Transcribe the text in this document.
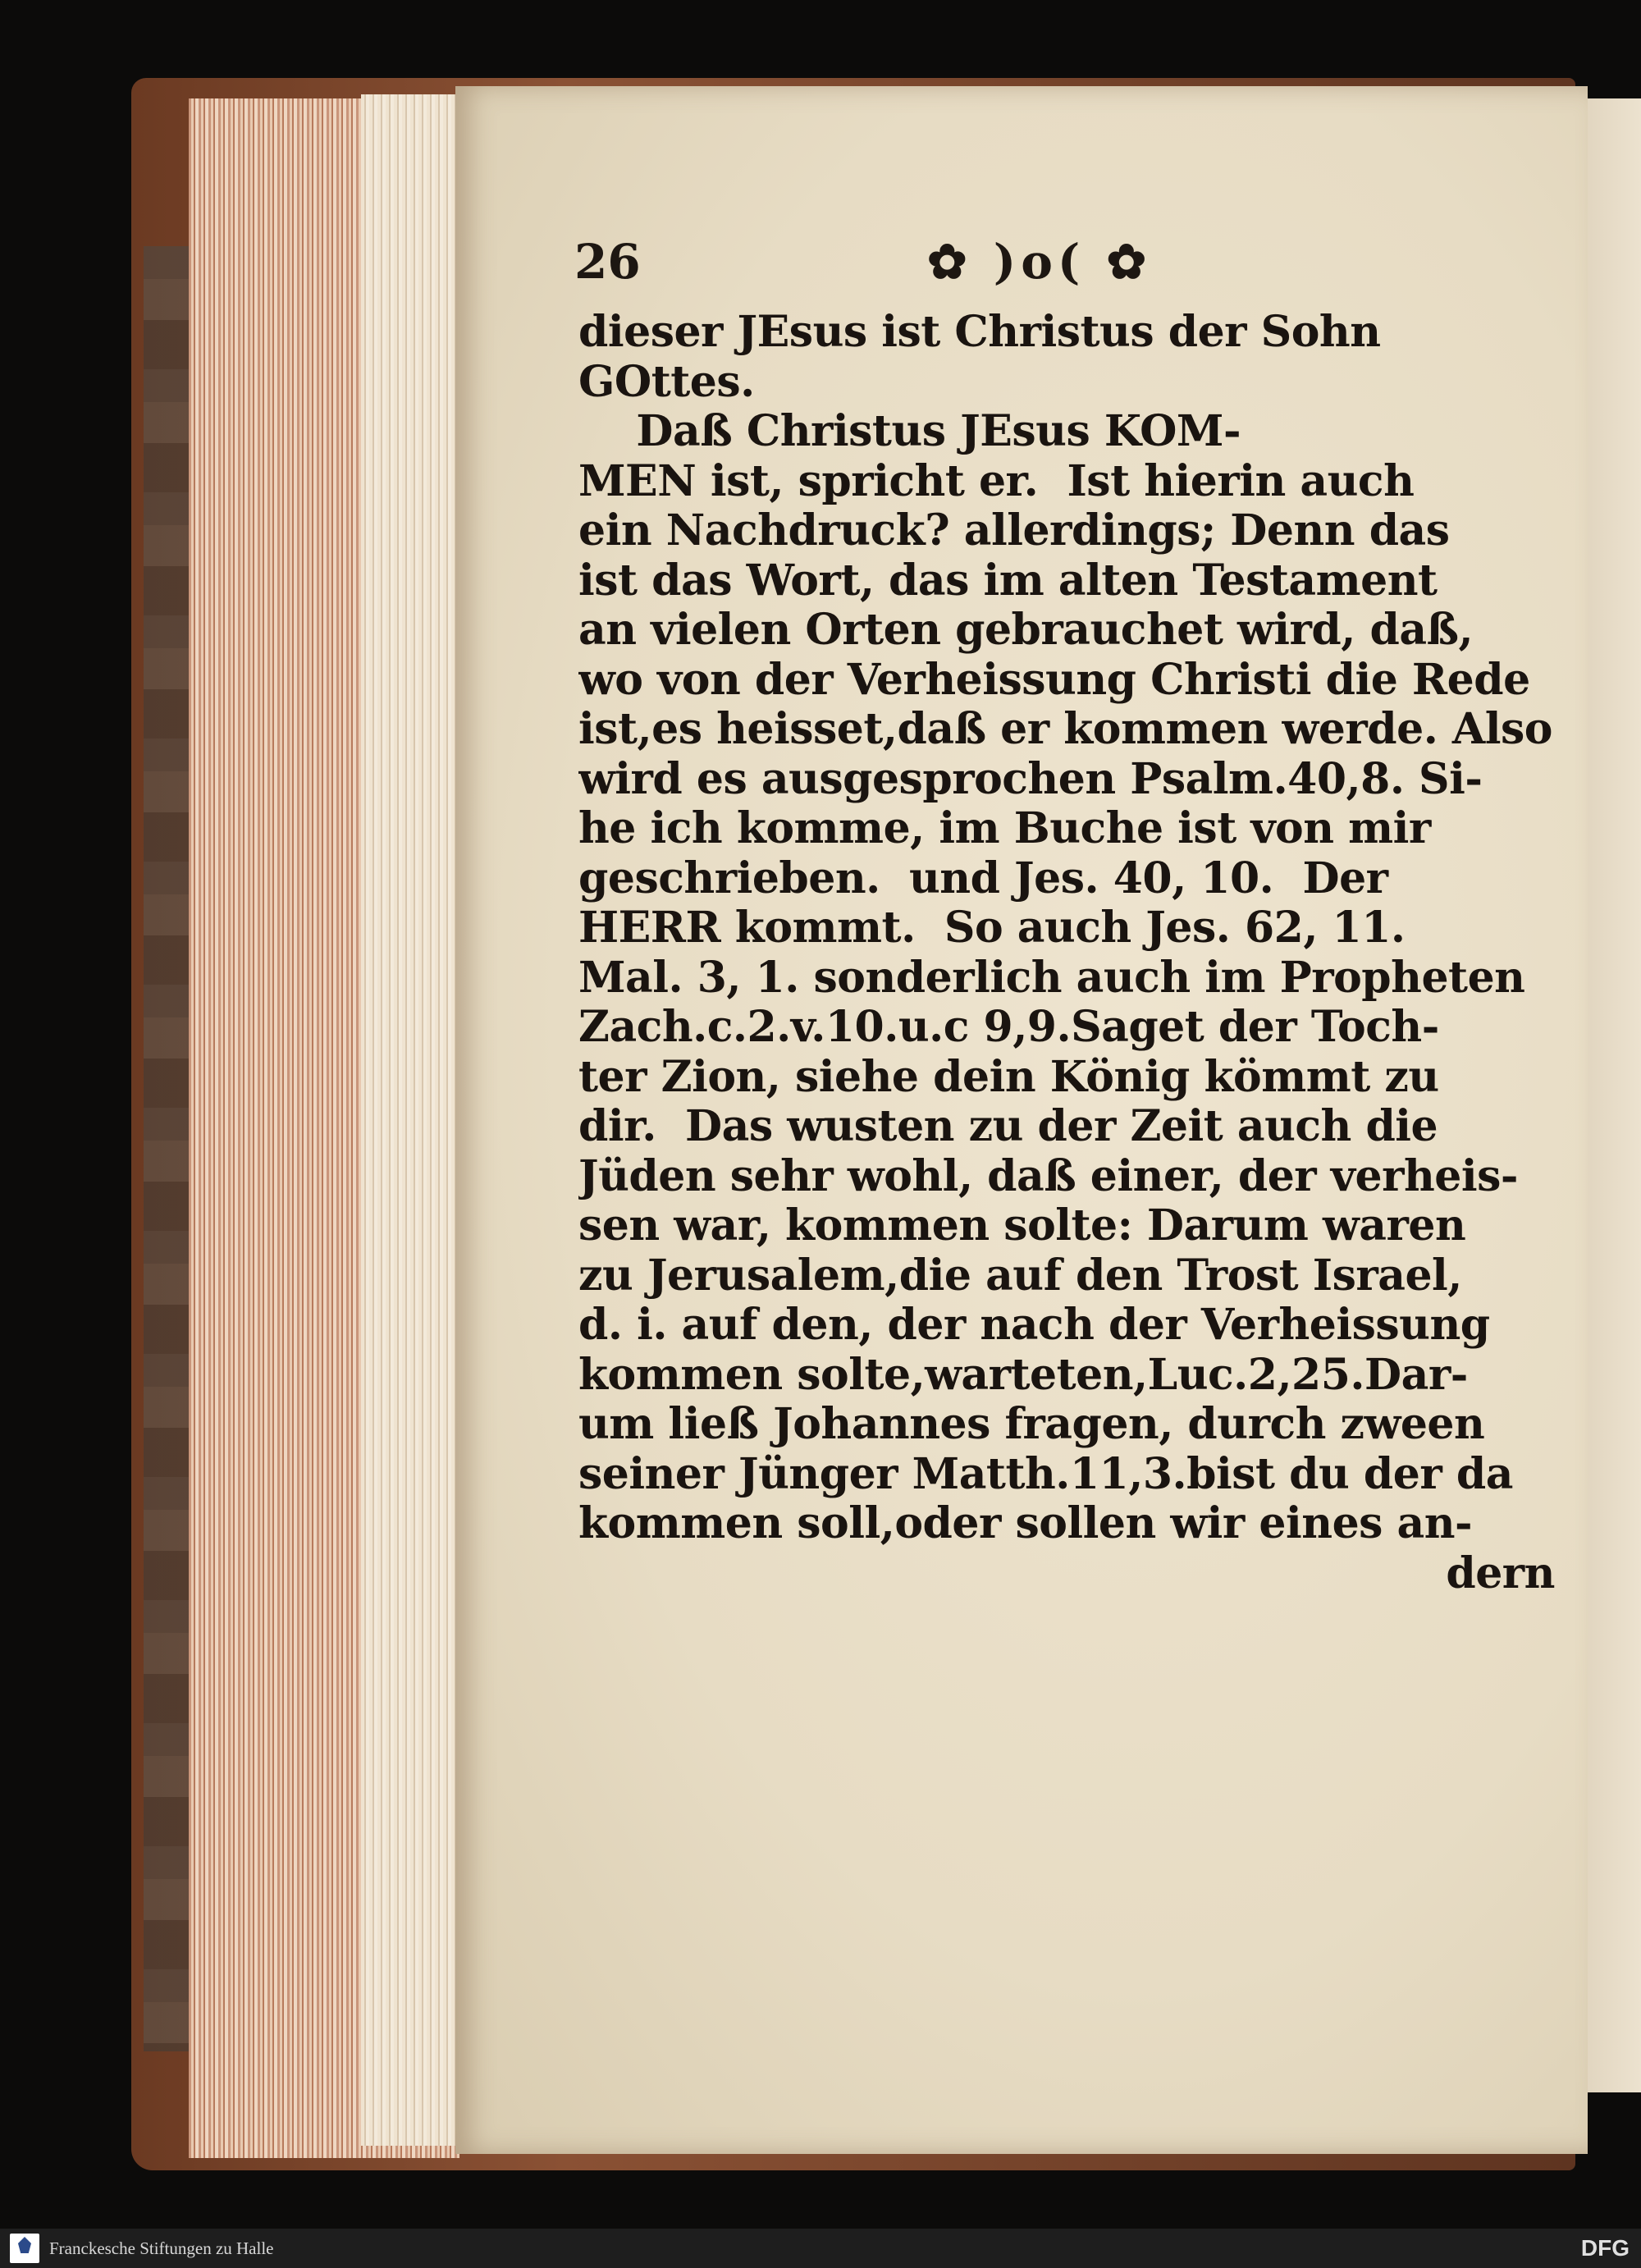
26	✿ )o( ✿
dieser JEsus ist Christus der Sohn
GOttes.
Daß Christus JEsus KOM-
MEN ist, spricht er.  Ist hierin auch
ein Nachdruck? allerdings; Denn das
ist das Wort, das im alten Testament
an vielen Orten gebrauchet wird, daß,
wo von der Verheissung Christi die Rede
ist,es heisset,daß er kommen werde. Also
wird es ausgesprochen Psalm.40,8. Si-
he ich komme, im Buche ist von mir
geschrieben.  und Jes. 40, 10.  Der
HERR kommt.  So auch Jes. 62, 11.
Mal. 3, 1. sonderlich auch im Propheten
Zach.c.2.v.10.u.c 9,9.Saget der Toch-
ter Zion, siehe dein König kömmt zu
dir.  Das wusten zu der Zeit auch die
Jüden sehr wohl, daß einer, der verheis-
sen war, kommen solte: Darum waren
zu Jerusalem,die auf den Trost Israel,
d. i. auf den, der nach der Verheissung
kommen solte,warteten,Luc.2,25.Dar-
um ließ Johannes fragen, durch zween
seiner Jünger Matth.11,3.bist du der da
kommen soll,oder sollen wir eines an-
dern
Franckesche Stiftungen zu Halle	DFG
